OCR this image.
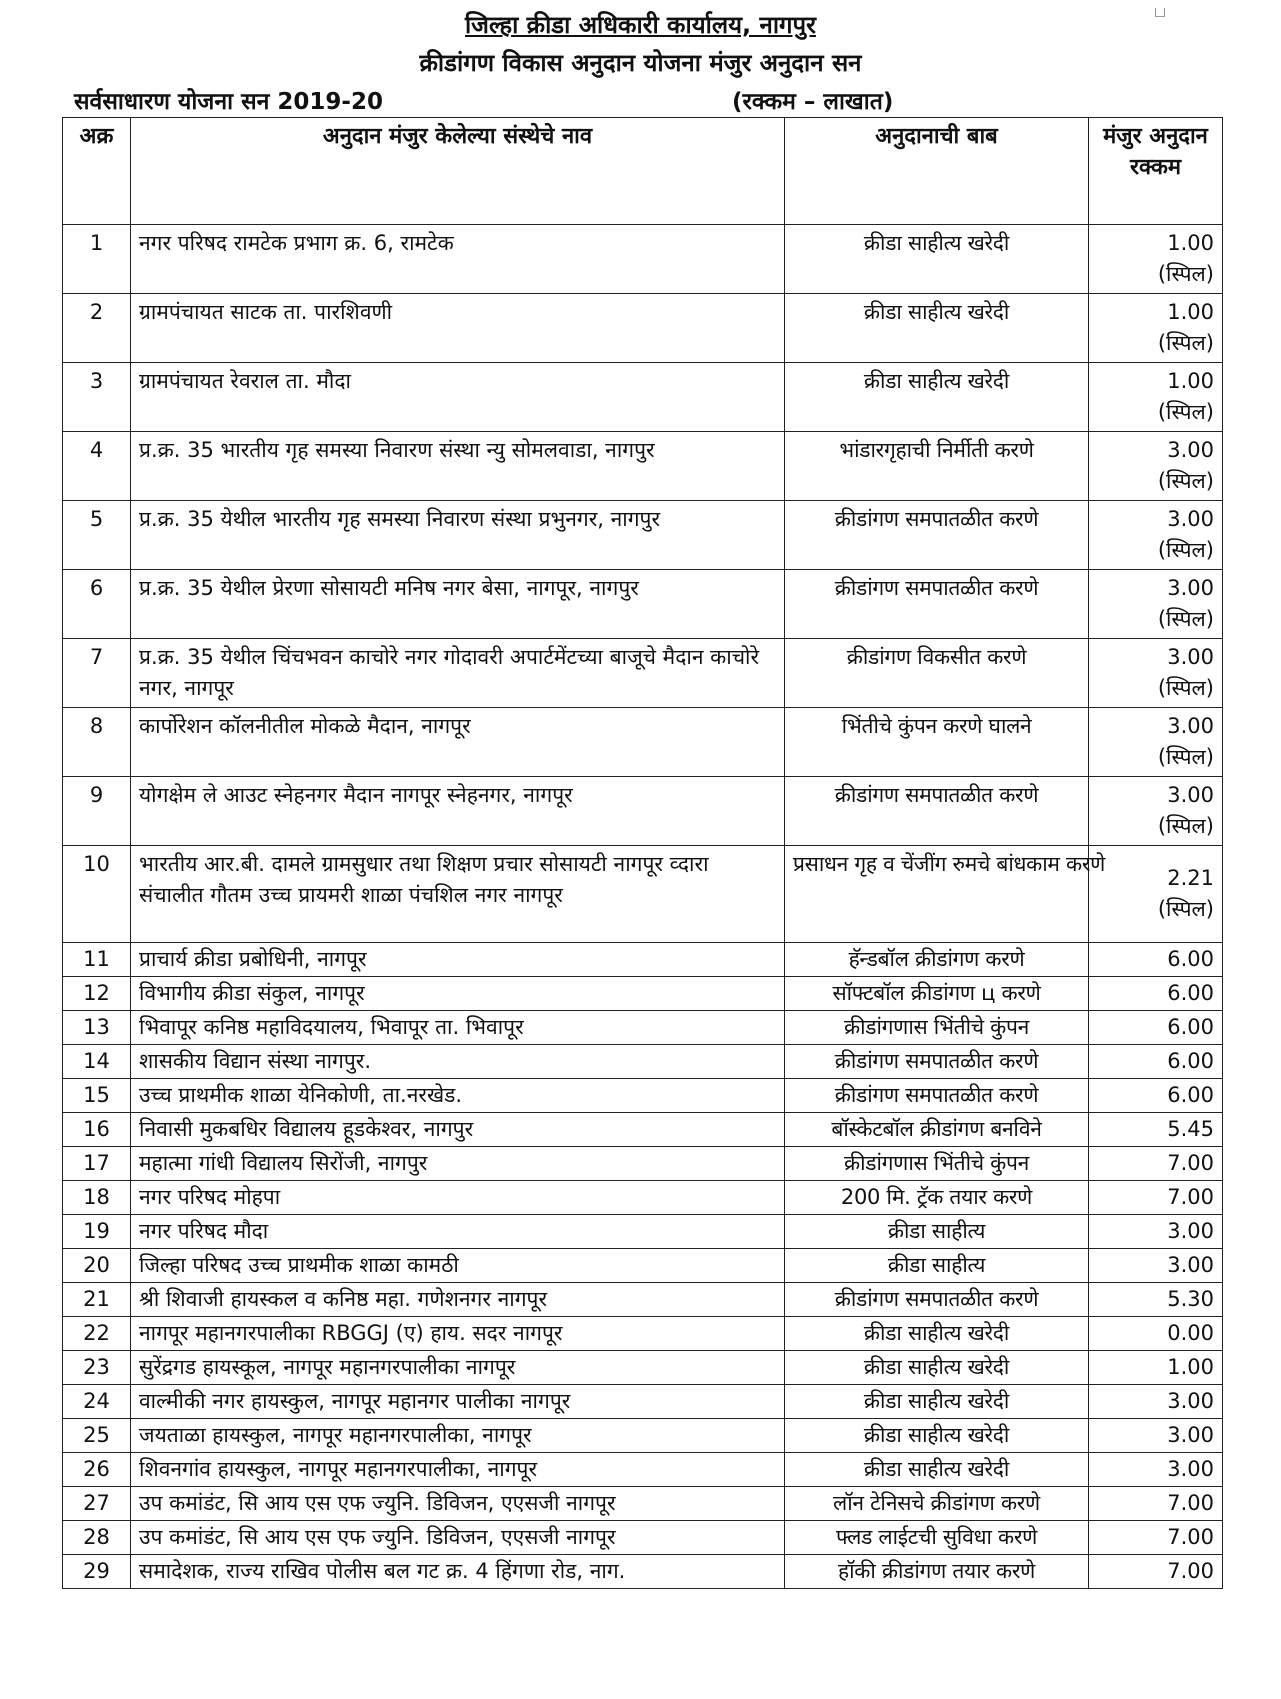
जिल्हा क्रीडा अधिकारी कार्यालय, नागपुर
क्रीडांगण विकास अनुदान योजना मंजुर अनुदान सन
सर्वसाधारण योजना सन 2019-20	(रक्कम – लाखात)
अक्र	अनुदान मंजुर केलेल्या संस्थेचे नाव	अनुदानाची बाब	मंजुर अनुदान रक्कम
1	नगर परिषद रामटेक प्रभाग क्र. 6, रामटेक	क्रीडा साहीत्य खरेदी	1.00
(स्पिल)

2	ग्रामपंचायत साटक ता. पारशिवणी	क्रीडा साहीत्य खरेदी	1.00
(स्पिल)

3	ग्रामपंचायत रेवराल ता. मौदा	क्रीडा साहीत्य खरेदी	1.00
(स्पिल)

4	प्र.क्र. 35 भारतीय गृह समस्या निवारण संस्था न्यु सोमलवाडा, नागपुर	भांडारगृहाची निर्मीती करणे	3.00
(स्पिल)

5	प्र.क्र. 35 येथील भारतीय गृह समस्या निवारण संस्था प्रभुनगर, नागपुर	क्रीडांगण समपातळीत करणे	3.00
(स्पिल)

6	प्र.क्र. 35 येथील प्रेरणा सोसायटी मनिष नगर बेसा, नागपूर, नागपुर	क्रीडांगण समपातळीत करणे	3.00
(स्पिल)

7	प्र.क्र. 35 येथील चिंचभवन काचोरे नगर गोदावरी अपार्टमेंटच्या बाजूचे मैदान काचोरे नगर, नागपूर	क्रीडांगण विकसीत करणे	3.00
(स्पिल)

8	कार्पोरेशन कॉलनीतील मोकळे मैदान, नागपूर	भिंतीचे कुंपन करणे घालने	3.00
(स्पिल)

9	योगक्षेम ले आउट स्नेहनगर मैदान नागपूर स्नेहनगर, नागपूर	क्रीडांगण समपातळीत करणे	3.00
(स्पिल)

10	भारतीय आर.बी. दामले ग्रामसुधार तथा शिक्षण प्रचार सोसायटी नागपूर व्दारा संचालीत गौतम उच्च प्रायमरी शाळा पंचशिल नगर नागपूर	प्रसाधन गृह व चेंजींग रुमचे बांधकाम करणे	2.21
(स्पिल)

11	प्राचार्य क्रीडा प्रबोधिनी, नागपूर	हॅन्डबॉल क्रीडांगण करणे	6.00

12	विभागीय क्रीडा संकुल, नागपूर	सॉफ्टबॉल क्रीडांगण ц करणे	6.00

13	भिवापूर कनिष्ठ महाविदयालय, भिवापूर ता. भिवापूर	क्रीडांगणास भिंतीचे कुंपन	6.00

14	शासकीय विद्यान संस्था नागपुर.	क्रीडांगण समपातळीत करणे	6.00

15	उच्च प्राथमीक शाळा येनिकोणी, ता.नरखेड.	क्रीडांगण समपातळीत करणे	6.00

16	निवासी मुकबधिर विद्यालय हूडकेश्वर, नागपुर	बॉस्केटबॉल क्रीडांगण बनविने	5.45

17	महात्मा गांधी विद्यालय सिरोंजी, नागपुर	क्रीडांगणास भिंतीचे कुंपन	7.00

18	नगर परिषद मोहपा	200 मि. ट्रॅक तयार करणे	7.00

19	नगर परिषद मौदा	क्रीडा साहीत्य	3.00

20	जिल्हा परिषद उच्च प्राथमीक शाळा कामठी	क्रीडा साहीत्य	3.00

21	श्री शिवाजी हायस्कल व कनिष्ठ महा. गणेशनगर नागपूर	क्रीडांगण समपातळीत करणे	5.30

22	नागपूर महानगरपालीका RBGGJ (ए) हाय. सदर नागपूर	क्रीडा साहीत्य खरेदी	0.00

23	सुरेंद्रगड हायस्कूल, नागपूर महानगरपालीका नागपूर	क्रीडा साहीत्य खरेदी	1.00

24	वाल्मीकी नगर हायस्कुल, नागपूर महानगर पालीका नागपूर	क्रीडा साहीत्य खरेदी	3.00

25	जयताळा हायस्कुल, नागपूर महानगरपालीका, नागपूर	क्रीडा साहीत्य खरेदी	3.00

26	शिवनगांव हायस्कुल, नागपूर महानगरपालीका, नागपूर	क्रीडा साहीत्य खरेदी	3.00

27	उप कमांडंट, सि आय एस एफ ज्युनि. डिविजन, एएसजी नागपूर	लॉन टेनिसचे क्रीडांगण करणे	7.00

28	उप कमांडंट, सि आय एस एफ ज्युनि. डिविजन, एएसजी नागपूर	फ्लड लाईटची सुविधा करणे	7.00

29	समादेशक, राज्य राखिव पोलीस बल गट क्र. 4 हिंगणा रोड, नाग.	हॉकी क्रीडांगण तयार करणे	7.00
